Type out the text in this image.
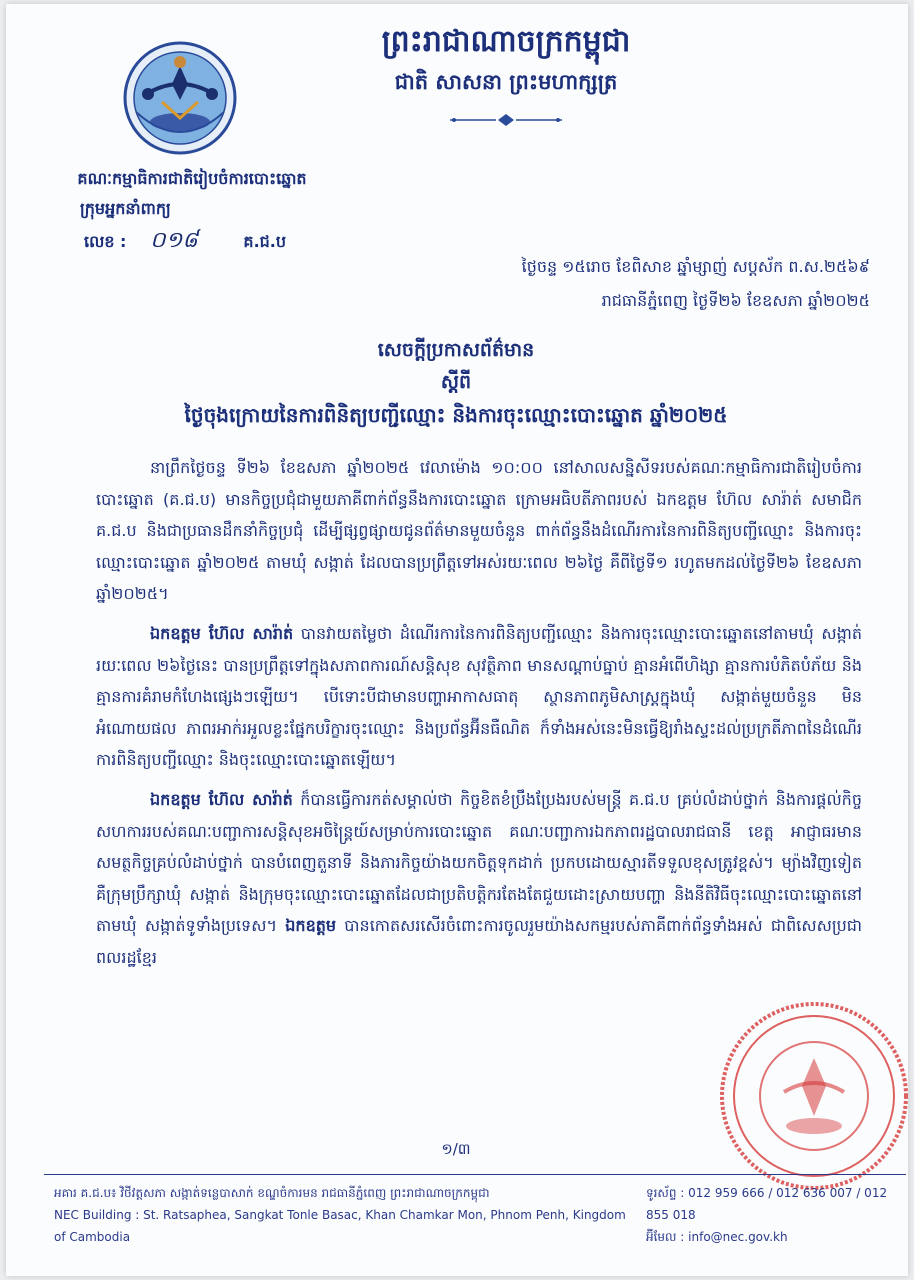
គណៈកម្មាធិការជាតិរៀបចំការបោះឆ្នោត
ក្រុមអ្នកនាំពាក្យ
លេខ : ០១៨	គ.ជ.ប
ព្រះរាជាណាចក្រកម្ពុជា
ជាតិ សាសនា ព្រះមហាក្សត្រ
ថ្ងៃចន្ទ ១៥រោច ខែពិសាខ ឆ្នាំម្សាញ់ សប្តស័ក ព.ស.២៥៦៩
រាជធានីភ្នំពេញ ថ្ងៃទី២៦ ខែឧសភា ឆ្នាំ២០២៥
សេចក្តីប្រកាសព័ត៌មាន
ស្តីពី
ថ្ងៃចុងក្រោយនៃការពិនិត្យបញ្ជីឈ្មោះ និងការចុះឈ្មោះបោះឆ្នោត ឆ្នាំ២០២៥

នាព្រឹកថ្ងៃចន្ទ ទី២៦ ខែឧសភា ឆ្នាំ២០២៥ វេលាម៉ោង ១០:០០ នៅសាលសន្និសីទរបស់គណៈកម្មាធិការជាតិរៀបចំការបោះឆ្នោត (គ.ជ.ប) មានកិច្ចប្រជុំជាមួយភាគីពាក់ព័ន្ធនឹងការបោះឆ្នោត ក្រោមអធិបតីភាពរបស់ ឯកឧត្តម ហ៊ែល សារ៉ាត់ សមាជិក គ.ជ.ប និងជាប្រធានដឹកនាំកិច្ចប្រជុំ ដើម្បីផ្សព្វផ្សាយជូនព័ត៌មានមួយចំនួន ពាក់ព័ន្ធនឹងដំណើរការនៃការពិនិត្យបញ្ជីឈ្មោះ និងការចុះឈ្មោះបោះឆ្នោត ឆ្នាំ២០២៥ តាមឃុំ សង្កាត់ ដែលបានប្រព្រឹត្តទៅអស់រយៈពេល ២៦ថ្ងៃ គឺពីថ្ងៃទី១ រហូតមកដល់ថ្ងៃទី២៦ ខែឧសភា ឆ្នាំ២០២៥។

ឯកឧត្តម ហ៊ែល សារ៉ាត់ បានវាយតម្លៃថា ដំណើរការនៃការពិនិត្យបញ្ជីឈ្មោះ និងការចុះឈ្មោះបោះឆ្នោតនៅតាមឃុំ សង្កាត់ រយៈពេល ២៦ថ្ងៃនេះ បានប្រព្រឹត្តទៅក្នុងសភាពការណ៍សន្តិសុខ សុវត្ថិភាព មានសណ្តាប់ធ្នាប់ គ្មានអំពើហិង្សា គ្មានការបំភិតបំភ័យ និងគ្មានការគំរាមកំហែងផ្សេងៗឡើយ។ បើទោះបីជាមានបញ្ហាអាកាសធាតុ ស្ថានភាពភូមិសាស្ត្រក្នុងឃុំ សង្កាត់មួយចំនួន មិនអំណោយផល ភាពរអាក់រអួលខ្លះផ្នែកបរិក្ខារចុះឈ្មោះ និងប្រព័ន្ធអ៊ីនធឺណិត ក៏ទាំងអស់នេះមិនធ្វើឱ្យរាំងស្ទះដល់ប្រក្រតីភាពនៃដំណើរការពិនិត្យបញ្ជីឈ្មោះ និងចុះឈ្មោះបោះឆ្នោតឡើយ។

ឯកឧត្តម ហ៊ែល សារ៉ាត់ ក៏បានធ្វើការកត់សម្គាល់ថា កិច្ចខិតខំប្រឹងប្រែងរបស់មន្ត្រី គ.ជ.ប គ្រប់លំដាប់ថ្នាក់ និងការផ្តល់កិច្ចសហការរបស់គណៈបញ្ជាការសន្តិសុខអចិន្ត្រៃយ៍សម្រាប់ការបោះឆ្នោត គណៈបញ្ជាការឯកភាពរដ្ឋបាលរាជធានី ខេត្ត អាជ្ញាធរមានសមត្ថកិច្ចគ្រប់លំដាប់ថ្នាក់ បានបំពេញតួនាទី និងភារកិច្ចយ៉ាងយកចិត្តទុកដាក់ ប្រកបដោយស្មារតីទទួលខុសត្រូវខ្ពស់។ ម្យ៉ាងវិញទៀត គឺក្រុមប្រឹក្សាឃុំ សង្កាត់ និងក្រុមចុះឈ្មោះបោះឆ្នោតដែលជាប្រតិបត្តិករតែងតែជួយដោះស្រាយបញ្ហា និងនីតិវិធីចុះឈ្មោះបោះឆ្នោតនៅតាមឃុំ សង្កាត់ទូទាំងប្រទេស។ ឯកឧត្តម បានកោតសរសើរចំពោះការចូលរួមយ៉ាងសកម្មរបស់ភាគីពាក់ព័ន្ធទាំងអស់ ជាពិសេសប្រជាពលរដ្ឋខ្មែរ

១/៣
អគារ គ.ជ.ប៖ វិថីវត្តសភា សង្កាត់ទន្លេបាសាក់ ខណ្ឌចំការមន រាជធានីភ្នំពេញ ព្រះរាជាណាចក្រកម្ពុជា
NEC Building : St. Ratsaphea, Sangkat Tonle Basac, Khan Chamkar Mon, Phnom Penh, Kingdom of Cambodia
ទូរស័ព្ទ : 012 959 666 / 012 636 007 / 012 855 018
អ៊ីមែល : info@nec.gov.kh
